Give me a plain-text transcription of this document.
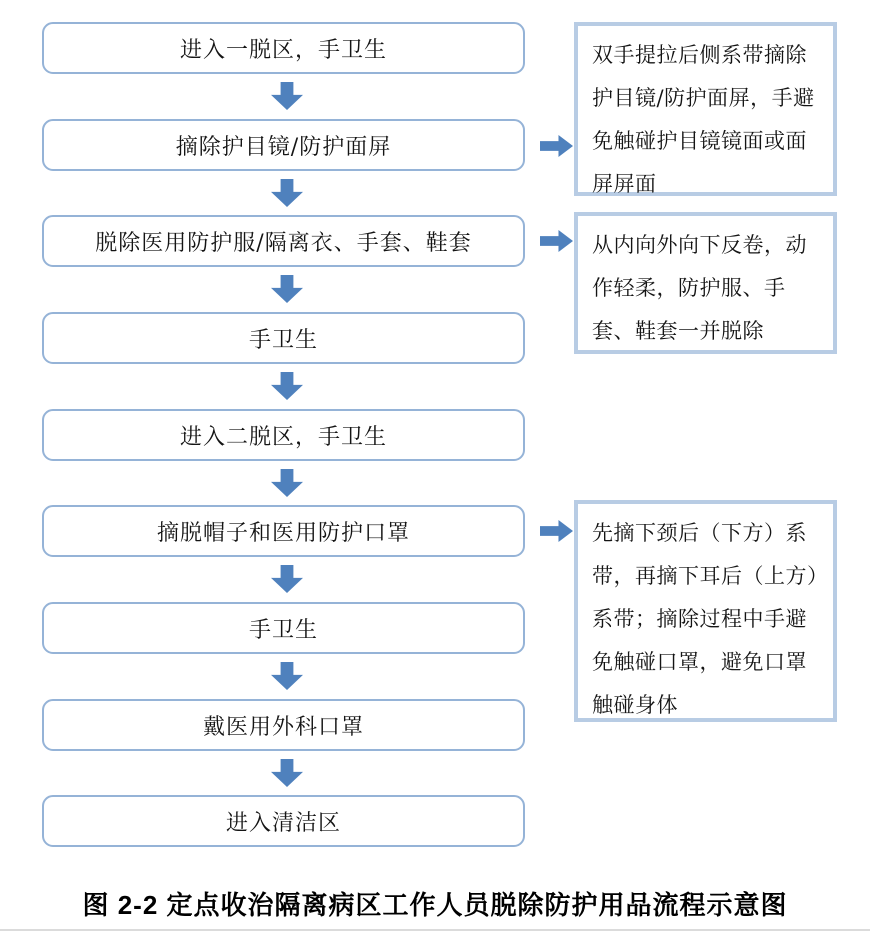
进入一脱区，手卫生
摘除护目镜/防护面屏
脱除医用防护服/隔离衣、手套、鞋套
手卫生
进入二脱区，手卫生
摘脱帽子和医用防护口罩
手卫生
戴医用外科口罩
进入清洁区
双手提拉后侧系带摘除护目镜/防护面屏，手避免触碰护目镜镜面或面屏屏面
从内向外向下反卷，动作轻柔，防护服、手套、鞋套一并脱除
先摘下颈后（下方）系带，再摘下耳后（上方）系带；摘除过程中手避免触碰口罩，避免口罩触碰身体
图 2-2 定点收治隔离病区工作人员脱除防护用品流程示意图
